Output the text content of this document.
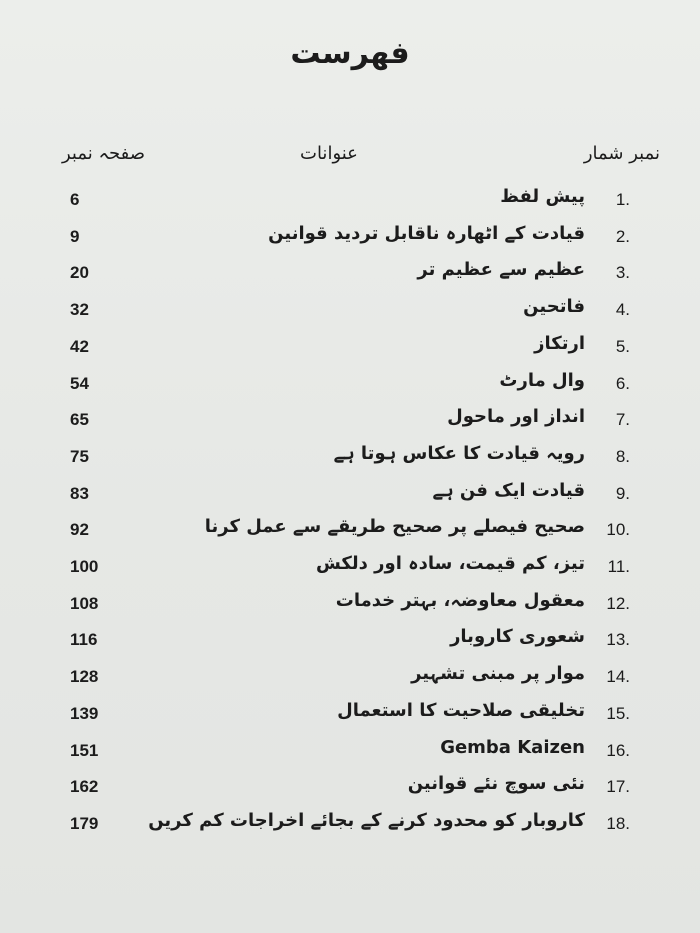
فهرست
نمبر شمار
عنوانات
صفحہ نمبر
1.
پیش لفظ
6
2.
قیادت کے اٹھارہ ناقابل تردید قوانین
9
3.
عظیم سے عظیم تر
20
4.
فاتحین
32
5.
ارتکاز
42
6.
وال مارٹ
54
7.
انداز اور ماحول
65
8.
رویہ قیادت کا عکاس ہوتا ہے
75
9.
قیادت ایک فن ہے
83
10.
صحیح فیصلے پر صحیح طریقے سے عمل کرنا
92
11.
تیز، کم قیمت، سادہ اور دلکش
100
12.
معقول معاوضہ، بہتر خدمات
108
13.
شعوری کاروبار
116
14.
موار پر مبنی تشہیر
128
15.
تخلیقی صلاحیت کا استعمال
139
16.
Gemba Kaizen
151
17.
نئی سوچ نئے قوانین
162
18.
کاروبار کو محدود کرنے کے بجائے اخراجات کم کریں
179
